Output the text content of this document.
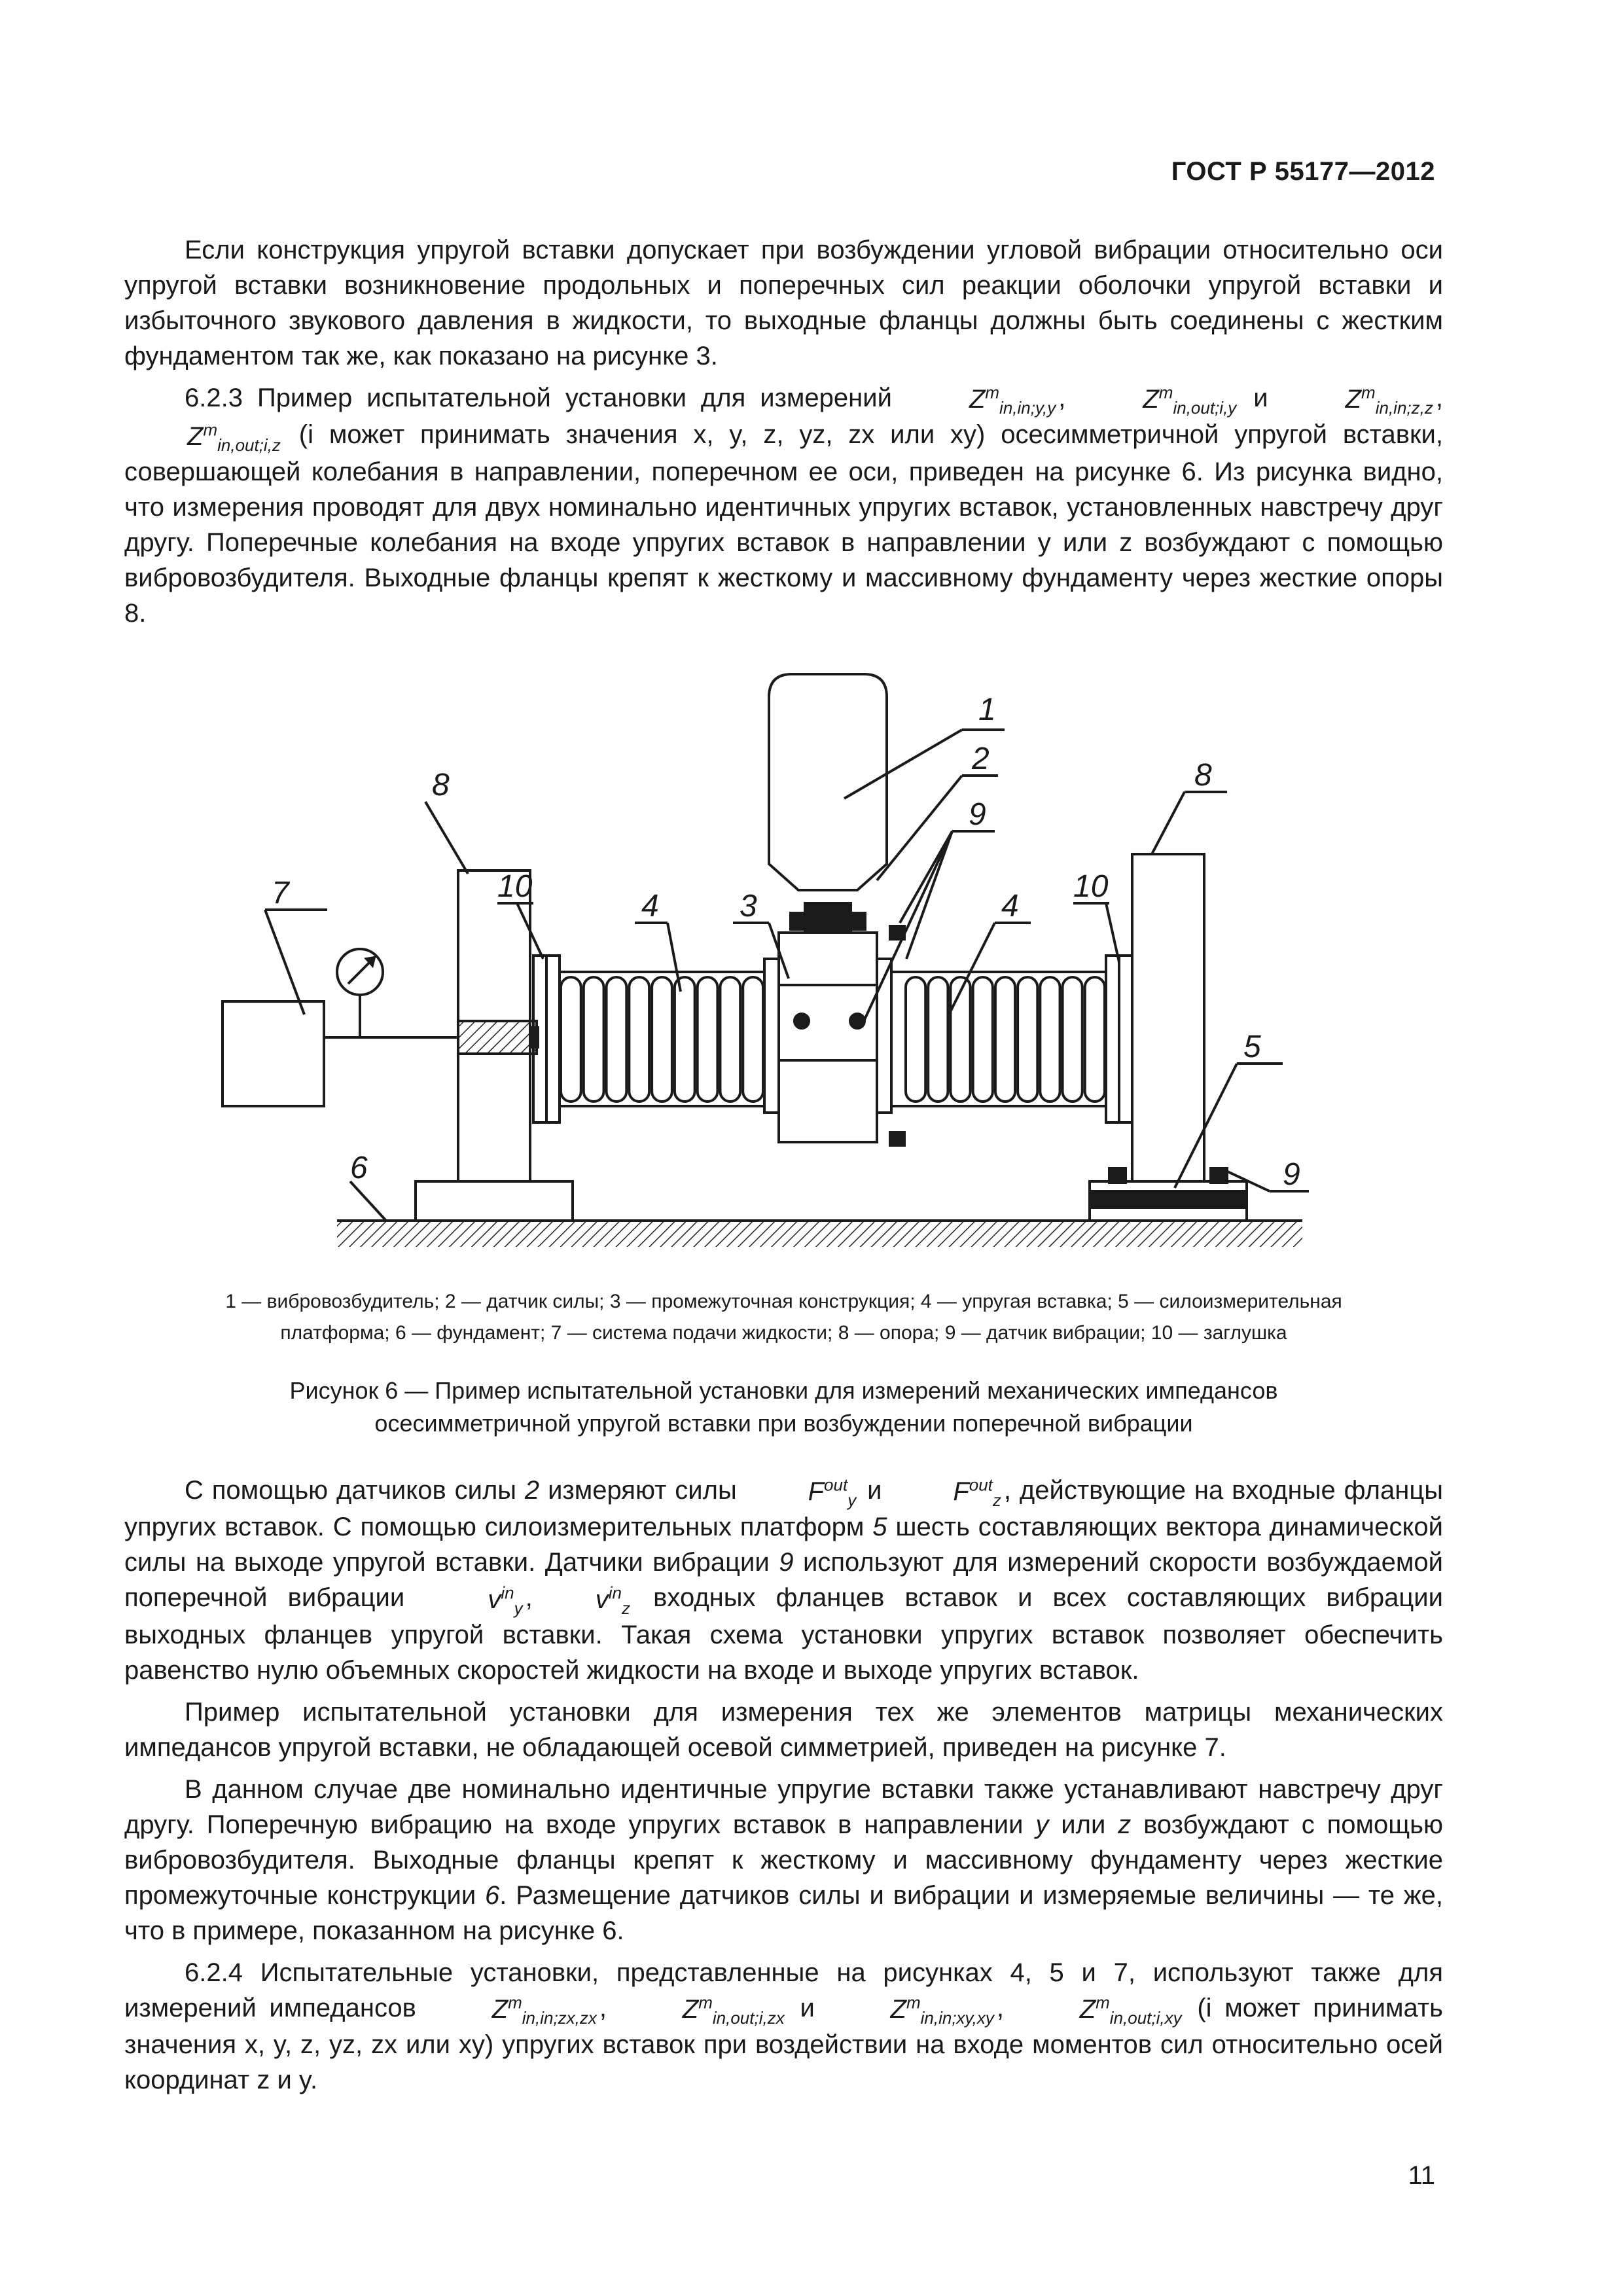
ГОСТ Р 55177—2012

Если конструкция упругой вставки допускает при возбуждении угловой вибрации относительно оси упругой вставки возникновение продольных и поперечных сил реакции оболочки упругой вставки и избыточного звукового давления в жидкости, то выходные фланцы должны быть соединены с жестким фундаментом так же, как показано на рисунке 3.

6.2.3 Пример испытательной установки для измерений	$Z^m_{in,in;y,y}$ , $Z^m_{in,out;i,y}$ и	$Z^m_{in,in;z,z}$ , $Z^m_{in,out;i,z}$ (i может принимать значения x, y, z, yz, zx или xy) осесимметричной упругой вставки, совершающей колебания в направлении, поперечном ее оси, приведен на рисунке 6. Из рисунка видно, что измерения проводят для двух номинально идентичных упругих вставок, установленных навстречу друг другу. Поперечные колебания на входе упругих вставок в направлении y или z возбуждают с помощью вибровозбудителя. Выходные фланцы крепят к жесткому и массивному фундаменту через жесткие опоры 8.

1
2
9
8	8
7	10	10
4	3	4
5
6	9
1 — вибровозбудитель; 2 — датчик силы; 3 — промежуточная конструкция; 4 — упругая вставка; 5 — силоизмерительная
платформа; 6 — фундамент; 7 — система подачи жидкости; 8 — опора; 9 — датчик вибрации; 10 — заглушка
Рисунок 6 — Пример испытательной установки для измерений механических импедансов
осесимметричной упругой вставки при возбуждении поперечной вибрации

С помощью датчиков силы 2 измеряют силы	$F^{out}_y$ и	$F^{out}_z$ , действующие на входные фланцы упругих вставок. С помощью силоизмерительных платформ 5 шесть составляющих вектора динамической силы на выходе упругой вставки. Датчики вибрации 9 используют для измерений скорости возбуждаемой поперечной вибрации	$v^{in}_y$ , $v^{in}_z$ входных фланцев вставок и всех составляющих вибрации выходных фланцев упругой вставки. Такая схема установки упругих вставок позволяет обеспечить равенство нулю объемных скоростей жидкости на входе и выходе упругих вставок.

Пример испытательной установки для измерения тех же элементов матрицы механических импедансов упругой вставки, не обладающей осевой симметрией, приведен на рисунке 7.

В данном случае две номинально идентичные упругие вставки также устанавливают навстречу друг другу. Поперечную вибрацию на входе упругих вставок в направлении y или z возбуждают с помощью вибровозбудителя. Выходные фланцы крепят к жесткому и массивному фундаменту через жесткие промежуточные конструкции 6. Размещение датчиков силы и вибрации и измеряемые величины — те же, что в примере, показанном на рисунке 6.

6.2.4 Испытательные установки, представленные на рисунках 4, 5 и 7, используют также для измерений импедансов	$Z^m_{in,in;zx,zx}$ , $Z^m_{in,out;i,zx}$ и	$Z^m_{in,in;xy,xy}$ , $Z^m_{in,out;i,xy}$ (i может принимать значения x, y, z, yz, zx или xy) упругих вставок при воздействии на входе моментов сил относительно осей координат z и y.

11
